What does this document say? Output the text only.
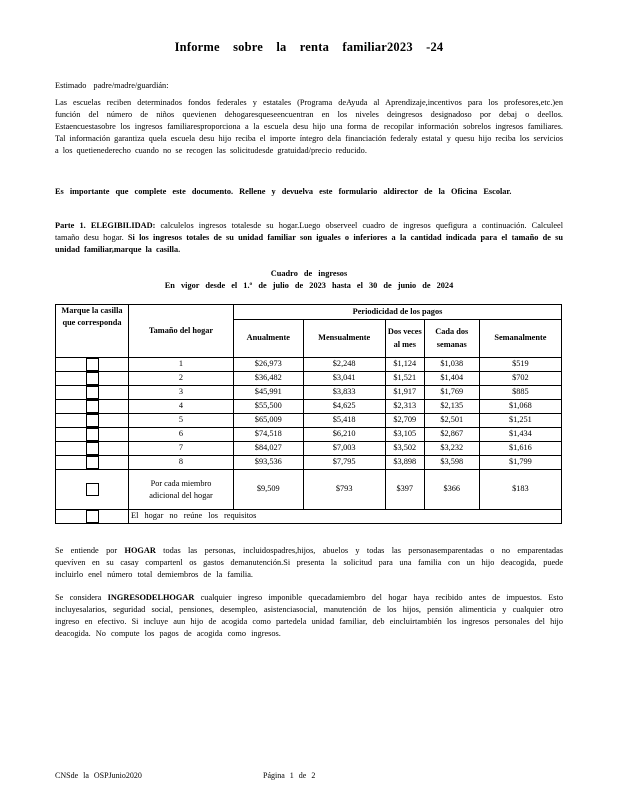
Informe sobre la renta familiar2023 -24

Estimado padre/madre/guardián:

Las escuelas reciben determinados fondos federales y estatales (Programa deAyuda al Aprendizaje,incentivos para los profesores,etc.)en función del número de niños quevienen dehogaresqueseencuentran en los niveles deingresos designadoso por debaj o deellos. Estaencuestasobre los ingresos familiaresproporciona a la escuela desu hijo una forma de recopilar información sobrelos ingresos familiares. Tal información garantiza quela escuela desu hijo reciba el importe íntegro dela financiación federaly estatal y quesu hijo reciba los servicios a los quetienederecho cuando no se recogen las solicitudesde gratuidad/precio reducido.

Es importante que complete este documento. Rellene y devuelva este formulario aldirector de la Oficina Escolar.

Parte 1. ELEGIBILIDAD: calculelos ingresos totalesde su hogar.Luego observeel cuadro de ingresos quefigura a continuación. Calculeel tamaño desu hogar. Si los ingresos totales de su unidad familiar son iguales o inferiores a la cantidad indicada para el tamaño de su unidad familiar,marque la casilla.

Cuadro de ingresos
En vigor desde el 1.º de julio de 2023 hasta el 30 de junio de 2024
Marque la casilla que corresponda	Tamaño del hogar	Periodicidad de los pagos				
		Anualmente	Mensualmente	Dos veces al mes	Cada dos semanas	Semanalmente
	1	$26,973	$2,248	$1,124	$1,038	$519
	2	$36,482	$3,041	$1,521	$1,404	$702
	3	$45,991	$3,833	$1,917	$1,769	$885
	4	$55,500	$4,625	$2,313	$2,135	$1,068
	5	$65,009	$5,418	$2,709	$2,501	$1,251
	6	$74,518	$6,210	$3,105	$2,867	$1,434
	7	$84,027	$7,003	$3,502	$3,232	$1,616
	8	$93,536	$7,795	$3,898	$3,598	$1,799
	Por cada miembro adicional del hogar	$9,509	$793	$397	$366	$183
	El hogar no reúne los requisitos					

Se entiende por HOGAR todas las personas, incluidospadres,hijos, abuelos y todas las personasemparentadas o no emparentadas quevíven en su casay compartenl os gastos demanutención.Si presenta la solicitud para una familia con un hijo deacogida, puede incluirlo enel número total demiembros de la familia.

Se considera INGRESODELHOGAR cualquier ingreso imponible quecadamiembro del hogar haya recibido antes de impuestos. Esto incluyesalarios, seguridad social, pensiones, desempleo, asistenciasocial, manutención de los hijos, pensión alimenticia y cualquier otro ingreso en efectivo. Si incluye aun hijo de acogida como partedela unidad familiar, deb eincluirtambién los ingresos personales del hijo deacogida. No compute los pagos de acogida como ingresos.

CNSde la OSPJunio2020	Página 1 de 2
